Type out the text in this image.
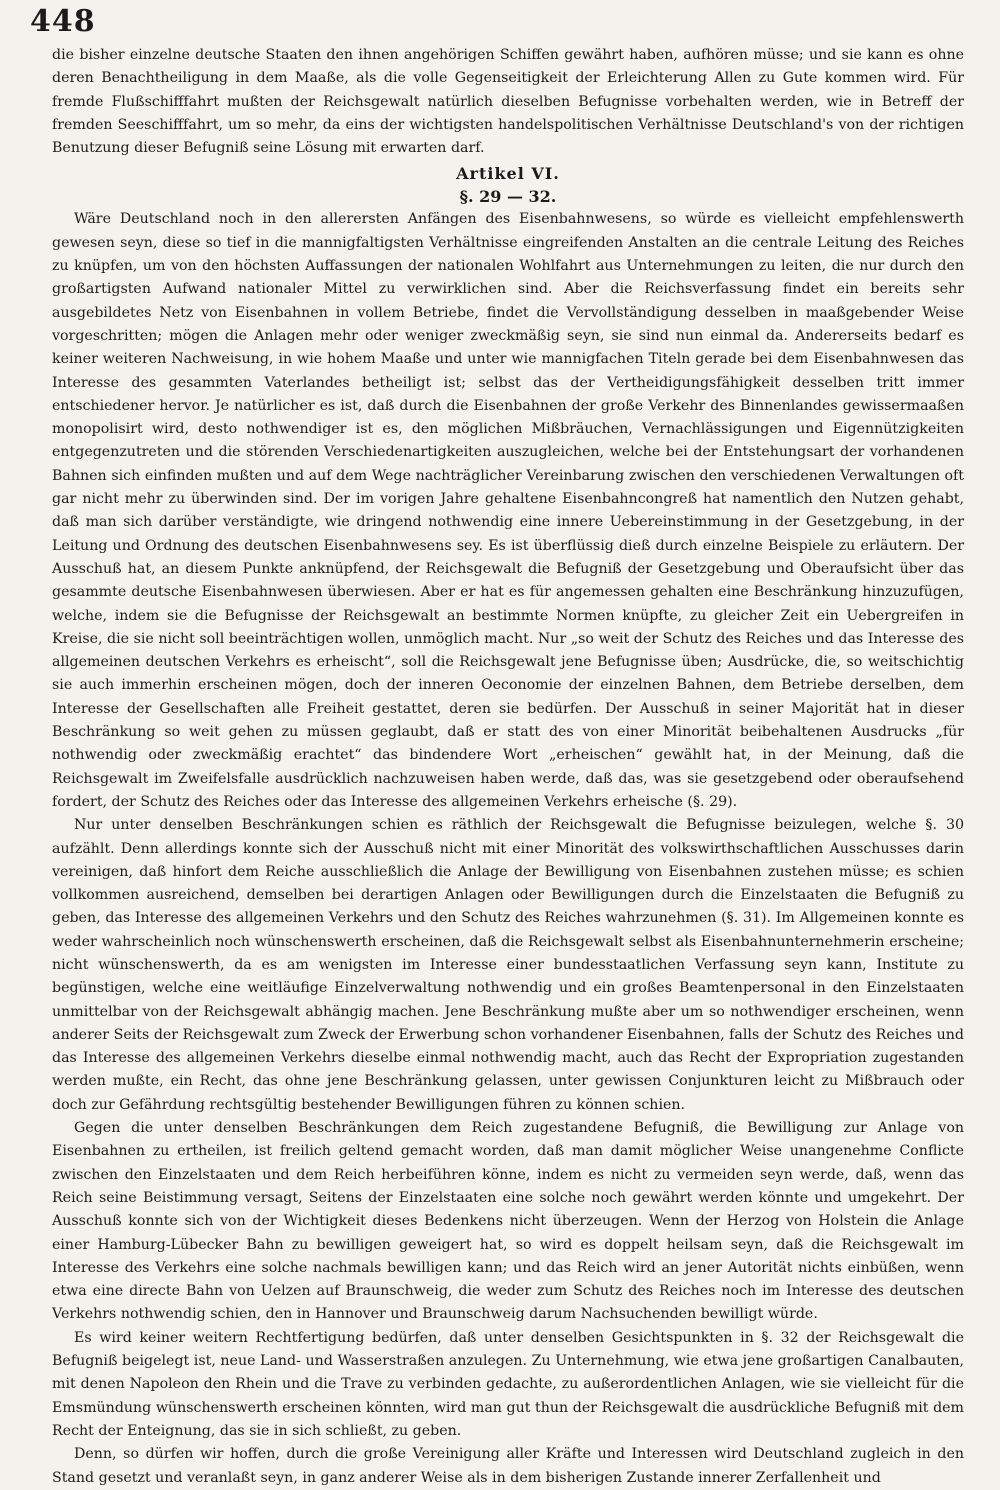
448

die bisher einzelne deutsche Staaten den ihnen angehörigen Schiffen gewährt haben, aufhören müsse; und sie kann es ohne deren Benachtheiligung in dem Maaße, als die volle Gegenseitigkeit der Erleichterung Allen zu Gute kommen wird. Für fremde Flußschifffahrt mußten der Reichsgewalt natürlich dieselben Befugnisse vorbehalten werden, wie in Betreff der fremden Seeschifffahrt, um so mehr, da eins der wichtigsten handelspolitischen Verhältnisse Deutschland's von der richtigen Benutzung dieser Befugniß seine Lösung mit erwarten darf.

Artikel VI.
§. 29 — 32.

Wäre Deutschland noch in den allerersten Anfängen des Eisenbahnwesens, so würde es vielleicht empfehlenswerth gewesen seyn, diese so tief in die mannigfaltigsten Verhältnisse eingreifenden Anstalten an die centrale Leitung des Reiches zu knüpfen, um von den höchsten Auffassungen der nationalen Wohlfahrt aus Unternehmungen zu leiten, die nur durch den großartigsten Aufwand nationaler Mittel zu verwirklichen sind. Aber die Reichsverfassung findet ein bereits sehr ausgebildetes Netz von Eisenbahnen in vollem Betriebe, findet die Vervollständigung desselben in maaßgebender Weise vorgeschritten; mögen die Anlagen mehr oder weniger zweckmäßig seyn, sie sind nun einmal da. Andererseits bedarf es keiner weiteren Nachweisung, in wie hohem Maaße und unter wie mannigfachen Titeln gerade bei dem Eisenbahnwesen das Interesse des gesammten Vaterlandes betheiligt ist; selbst das der Vertheidigungsfähigkeit desselben tritt immer entschiedener hervor. Je natürlicher es ist, daß durch die Eisenbahnen der große Verkehr des Binnenlandes gewissermaaßen monopolisirt wird, desto nothwendiger ist es, den möglichen Mißbräuchen, Vernachlässigungen und Eigennützigkeiten entgegenzutreten und die störenden Verschiedenartigkeiten auszugleichen, welche bei der Entstehungsart der vorhandenen Bahnen sich einfinden mußten und auf dem Wege nachträglicher Vereinbarung zwischen den verschiedenen Verwaltungen oft gar nicht mehr zu überwinden sind. Der im vorigen Jahre gehaltene Eisenbahncongreß hat namentlich den Nutzen gehabt, daß man sich darüber verständigte, wie dringend nothwendig eine innere Uebereinstimmung in der Gesetzgebung, in der Leitung und Ordnung des deutschen Eisenbahnwesens sey. Es ist überflüssig dieß durch einzelne Beispiele zu erläutern. Der Ausschuß hat, an diesem Punkte anknüpfend, der Reichsgewalt die Befugniß der Gesetzgebung und Oberaufsicht über das gesammte deutsche Eisenbahnwesen überwiesen. Aber er hat es für angemessen gehalten eine Beschränkung hinzuzufügen, welche, indem sie die Befugnisse der Reichsgewalt an bestimmte Normen knüpfte, zu gleicher Zeit ein Uebergreifen in Kreise, die sie nicht soll beeinträchtigen wollen, unmöglich macht. Nur „so weit der Schutz des Reiches und das Interesse des allgemeinen deutschen Verkehrs es erheischt“, soll die Reichsgewalt jene Befugnisse üben; Ausdrücke, die, so weitschichtig sie auch immerhin erscheinen mögen, doch der inneren Oeconomie der einzelnen Bahnen, dem Betriebe derselben, dem Interesse der Gesellschaften alle Freiheit gestattet, deren sie bedürfen. Der Ausschuß in seiner Majorität hat in dieser Beschränkung so weit gehen zu müssen geglaubt, daß er statt des von einer Minorität beibehaltenen Ausdrucks „für nothwendig oder zweckmäßig erachtet“ das bindendere Wort „erheischen“ gewählt hat, in der Meinung, daß die Reichsgewalt im Zweifelsfalle ausdrücklich nachzuweisen haben werde, daß das, was sie gesetzgebend oder oberaufsehend fordert, der Schutz des Reiches oder das Interesse des allgemeinen Verkehrs erheische (§. 29).

Nur unter denselben Beschränkungen schien es räthlich der Reichsgewalt die Befugnisse beizulegen, welche §. 30 aufzählt. Denn allerdings konnte sich der Ausschuß nicht mit einer Minorität des volkswirthschaftlichen Ausschusses darin vereinigen, daß hinfort dem Reiche ausschließlich die Anlage der Bewilligung von Eisenbahnen zustehen müsse; es schien vollkommen ausreichend, demselben bei derartigen Anlagen oder Bewilligungen durch die Einzelstaaten die Befugniß zu geben, das Interesse des allgemeinen Verkehrs und den Schutz des Reiches wahrzunehmen (§. 31). Im Allgemeinen konnte es weder wahrscheinlich noch wünschenswerth erscheinen, daß die Reichsgewalt selbst als Eisenbahnunternehmerin erscheine; nicht wünschenswerth, da es am wenigsten im Interesse einer bundesstaatlichen Verfassung seyn kann, Institute zu begünstigen, welche eine weitläufige Einzelverwaltung nothwendig und ein großes Beamtenpersonal in den Einzelstaaten unmittelbar von der Reichsgewalt abhängig machen. Jene Beschränkung mußte aber um so nothwendiger erscheinen, wenn anderer Seits der Reichsgewalt zum Zweck der Erwerbung schon vorhandener Eisenbahnen, falls der Schutz des Reiches und das Interesse des allgemeinen Verkehrs dieselbe einmal nothwendig macht, auch das Recht der Expropriation zugestanden werden mußte, ein Recht, das ohne jene Beschränkung gelassen, unter gewissen Conjunkturen leicht zu Mißbrauch oder doch zur Gefährdung rechtsgültig bestehender Bewilligungen führen zu können schien.

Gegen die unter denselben Beschränkungen dem Reich zugestandene Befugniß, die Bewilligung zur Anlage von Eisenbahnen zu ertheilen, ist freilich geltend gemacht worden, daß man damit möglicher Weise unangenehme Conflicte zwischen den Einzelstaaten und dem Reich herbeiführen könne, indem es nicht zu vermeiden seyn werde, daß, wenn das Reich seine Beistimmung versagt, Seitens der Einzelstaaten eine solche noch gewährt werden könnte und umgekehrt. Der Ausschuß konnte sich von der Wichtigkeit dieses Bedenkens nicht überzeugen. Wenn der Herzog von Holstein die Anlage einer Hamburg-Lübecker Bahn zu bewilligen geweigert hat, so wird es doppelt heilsam seyn, daß die Reichsgewalt im Interesse des Verkehrs eine solche nachmals bewilligen kann; und das Reich wird an jener Autorität nichts einbüßen, wenn etwa eine directe Bahn von Uelzen auf Braunschweig, die weder zum Schutz des Reiches noch im Interesse des deutschen Verkehrs nothwendig schien, den in Hannover und Braunschweig darum Nachsuchenden bewilligt würde.

Es wird keiner weitern Rechtfertigung bedürfen, daß unter denselben Gesichtspunkten in §. 32 der Reichsgewalt die Befugniß beigelegt ist, neue Land- und Wasserstraßen anzulegen. Zu Unternehmung, wie etwa jene großartigen Canalbauten, mit denen Napoleon den Rhein und die Trave zu verbinden gedachte, zu außerordentlichen Anlagen, wie sie vielleicht für die Emsmündung wünschenswerth erscheinen könnten, wird man gut thun der Reichsgewalt die ausdrückliche Befugniß mit dem Recht der Enteignung, das sie in sich schließt, zu geben.

Denn, so dürfen wir hoffen, durch die große Vereinigung aller Kräfte und Interessen wird Deutschland zugleich in den Stand gesetzt und veranlaßt seyn, in ganz anderer Weise als in dem bisherigen Zustande innerer Zerfallenheit und
